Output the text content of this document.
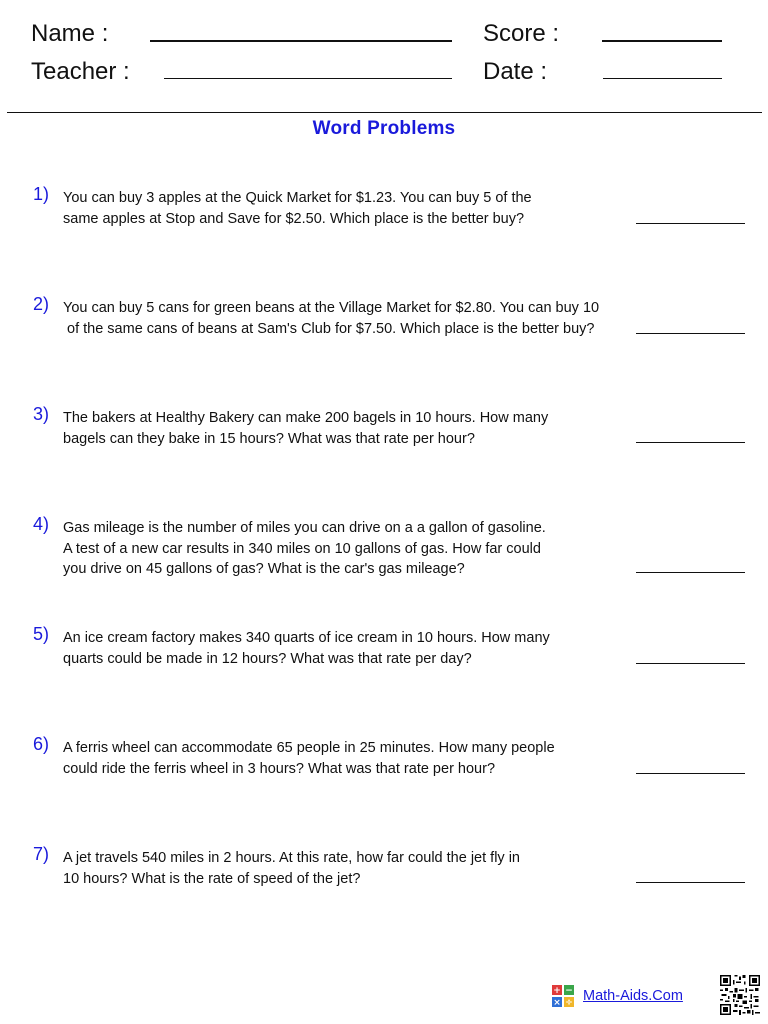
Name :
Teacher :
Score :
Date :
Word Problems
1) You can buy 3 apples at the Quick Market for $1.23. You can buy 5 of the
same apples at Stop and Save for $2.50. Which place is the better buy?
2) You can buy 5 cans for green beans at the Village Market for $2.80. You can buy 10
of the same cans of beans at Sam's Club for $7.50. Which place is the better buy?
3) The bakers at Healthy Bakery can make 200 bagels in 10 hours. How many
bagels can they bake in 15 hours? What was that rate per hour?
4) Gas mileage is the number of miles you can drive on a a gallon of gasoline.
A test of a new car results in 340 miles on 10 gallons of gas. How far could
you drive on 45 gallons of gas? What is the car's gas mileage?
5) An ice cream factory makes 340 quarts of ice cream in 10 hours. How many
quarts could be made in 12 hours? What was that rate per day?
6) A ferris wheel can accommodate 65 people in 25 minutes. How many people
could ride the ferris wheel in 3 hours? What was that rate per hour?
7) A jet travels 540 miles in 2 hours. At this rate, how far could the jet fly in
10 hours? What is the rate of speed of the jet?
+ −
× ÷ Math-Aids.Com
